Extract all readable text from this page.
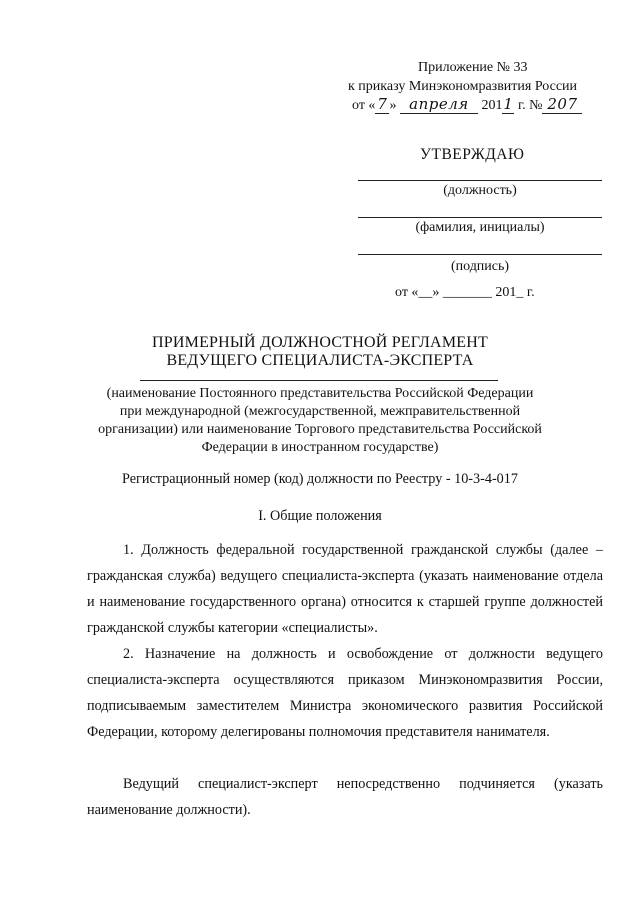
Приложение № 33
к приказу Минэкономразвития России
от « 7 » апреля 2011 г. № 207
УТВЕРЖДАЮ
(должность)
(фамилия, инициалы)
(подпись)
от «__» _______ 201_ г.
ПРИМЕРНЫЙ ДОЛЖНОСТНОЙ РЕГЛАМЕНТ
ВЕДУЩЕГО СПЕЦИАЛИСТА-ЭКСПЕРТА
(наименование Постоянного представительства Российской Федерации
при международной (межгосударственной, межправительственной
организации) или наименование Торгового представительства Российской
Федерации в иностранном государстве)
Регистрационный номер (код) должности по Реестру - 10-3-4-017
I. Общие положения
1. Должность федеральной государственной гражданской службы (далее – гражданская служба) ведущего специалиста-эксперта (указать наименование отдела и наименование государственного органа) относится к старшей группе должностей гражданской службы категории «специалисты».
2. Назначение на должность и освобождение от должности ведущего специалиста-эксперта осуществляются приказом Минэкономразвития России, подписываемым заместителем Министра экономического развития Российской Федерации, которому делегированы полномочия представителя нанимателя.
Ведущий специалист-эксперт непосредственно подчиняется (указать наименование должности).
